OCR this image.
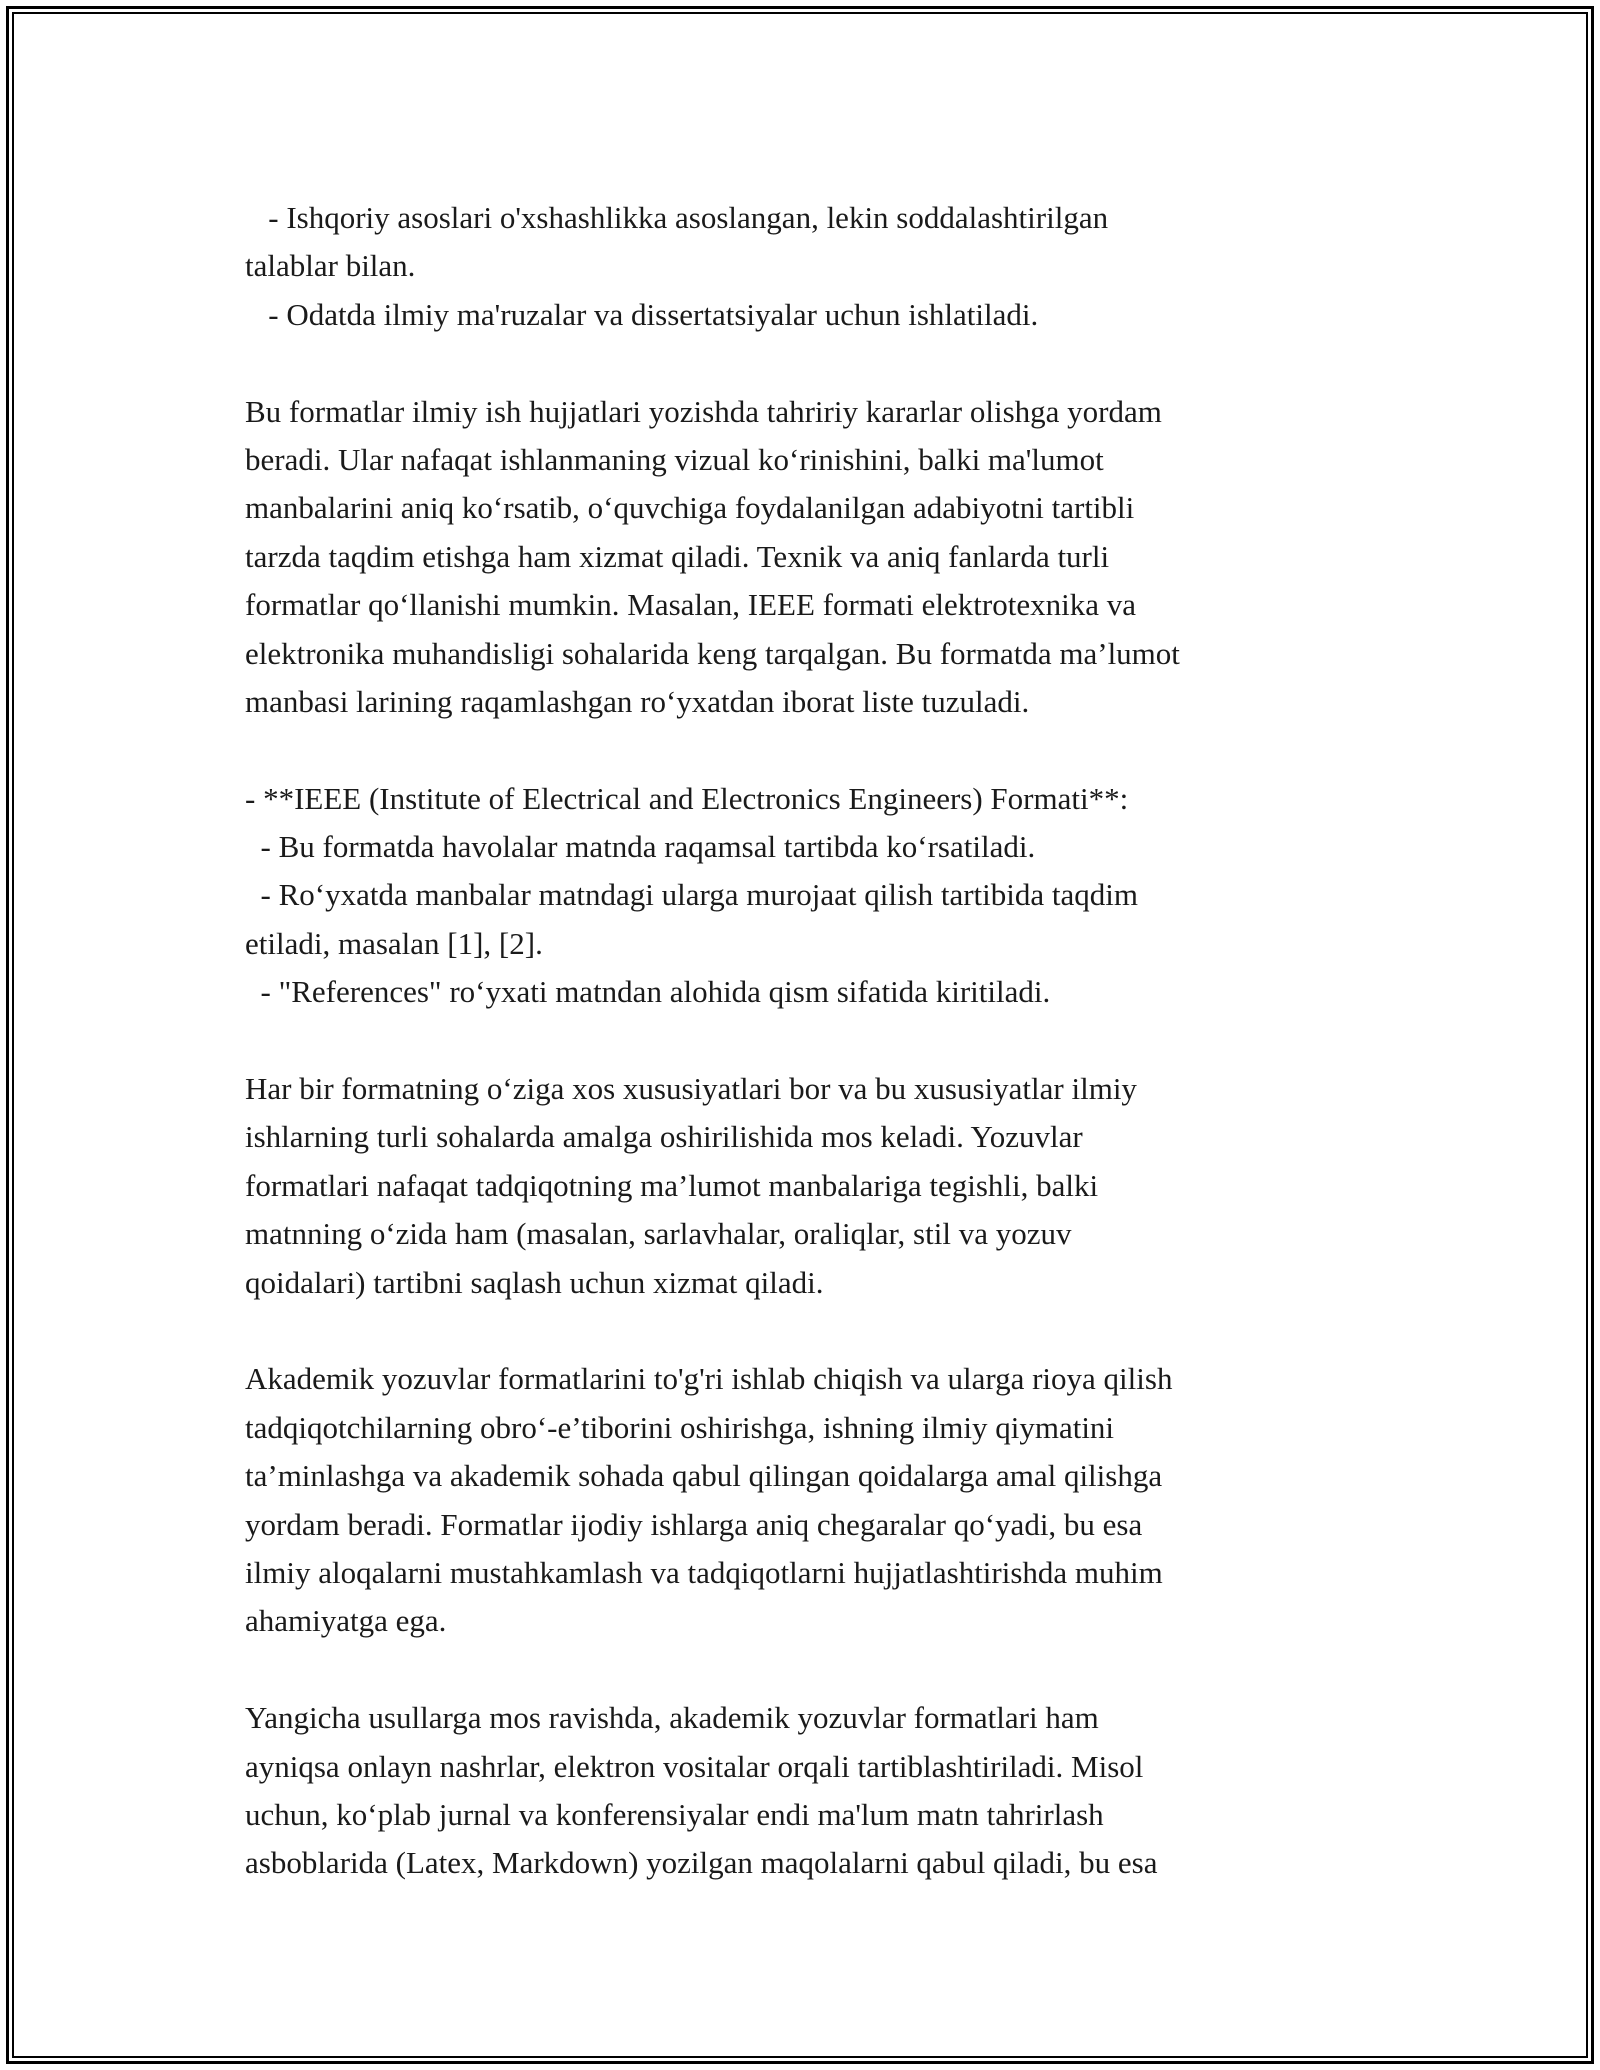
- Ishqoriy asoslari o'xshashlikka asoslangan, lekin soddalashtirilgan
talablar bilan.
- Odatda ilmiy ma'ruzalar va dissertatsiyalar uchun ishlatiladi.
Bu formatlar ilmiy ish hujjatlari yozishda tahririy kararlar olishga yordam
beradi. Ular nafaqat ishlanmaning vizual ko‘rinishini, balki ma'lumot
manbalarini aniq ko‘rsatib, o‘quvchiga foydalanilgan adabiyotni tartibli
tarzda taqdim etishga ham xizmat qiladi. Texnik va aniq fanlarda turli
formatlar qo‘llanishi mumkin. Masalan, IEEE formati elektrotexnika va
elektronika muhandisligi sohalarida keng tarqalgan. Bu formatda ma’lumot
manbasi larining raqamlashgan ro‘yxatdan iborat liste tuzuladi.
- **IEEE (Institute of Electrical and Electronics Engineers) Formati**:
- Bu formatda havolalar matnda raqamsal tartibda ko‘rsatiladi.
- Ro‘yxatda manbalar matndagi ularga murojaat qilish tartibida taqdim
etiladi, masalan [1], [2].
- "References" ro‘yxati matndan alohida qism sifatida kiritiladi.
Har bir formatning o‘ziga xos xususiyatlari bor va bu xususiyatlar ilmiy
ishlarning turli sohalarda amalga oshirilishida mos keladi. Yozuvlar
formatlari nafaqat tadqiqotning ma’lumot manbalariga tegishli, balki
matnning o‘zida ham (masalan, sarlavhalar, oraliqlar, stil va yozuv
qoidalari) tartibni saqlash uchun xizmat qiladi.
Akademik yozuvlar formatlarini to'g'ri ishlab chiqish va ularga rioya qilish
tadqiqotchilarning obro‘-e’tiborini oshirishga, ishning ilmiy qiymatini
ta’minlashga va akademik sohada qabul qilingan qoidalarga amal qilishga
yordam beradi. Formatlar ijodiy ishlarga aniq chegaralar qo‘yadi, bu esa
ilmiy aloqalarni mustahkamlash va tadqiqotlarni hujjatlashtirishda muhim
ahamiyatga ega.
Yangicha usullarga mos ravishda, akademik yozuvlar formatlari ham
ayniqsa onlayn nashrlar, elektron vositalar orqali tartiblashtiriladi. Misol
uchun, ko‘plab jurnal va konferensiyalar endi ma'lum matn tahrirlash
asboblarida (Latex, Markdown) yozilgan maqolalarni qabul qiladi, bu esa
